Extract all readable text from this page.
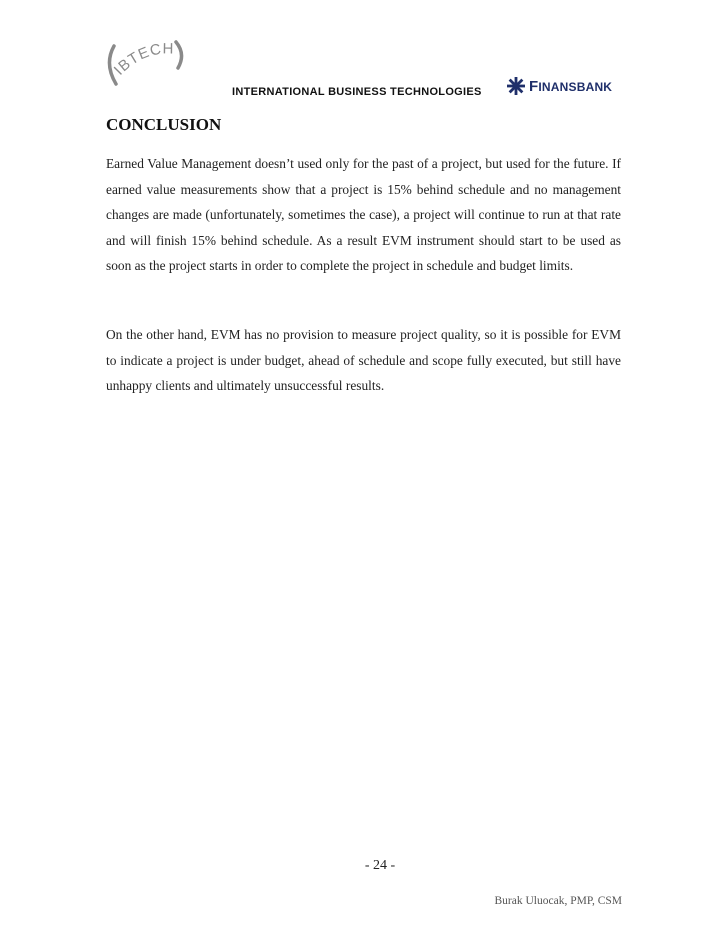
IBTECH
INTERNATIONAL BUSINESS TECHNOLOGIES	FINANSBANK
CONCLUSION

Earned Value Management doesn’t used only for the past of a project, but used for the future. If earned value measurements show that a project is 15% behind schedule and no management changes are made (unfortunately, sometimes the case), a project will continue to run at that rate and will finish 15% behind schedule. As a result EVM instrument should start to be used as soon as the project starts in order to complete the project in schedule and budget limits.

On the other hand, EVM has no provision to measure project quality, so it is possible for EVM to indicate a project is under budget, ahead of schedule and scope fully executed, but still have unhappy clients and ultimately unsuccessful results.

- 24 -
Burak Uluocak, PMP, CSM
